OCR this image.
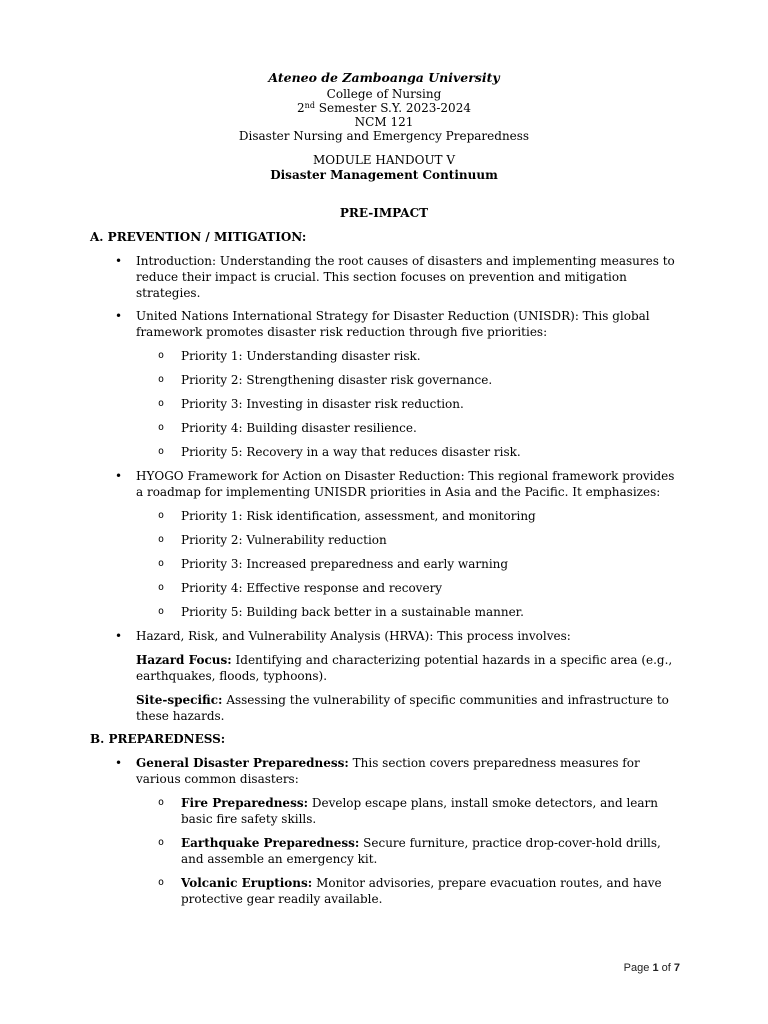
Ateneo de Zamboanga University
College of Nursing
2nd Semester S.Y. 2023-2024
NCM 121
Disaster Nursing and Emergency Preparedness
MODULE HANDOUT V
Disaster Management Continuum
PRE-IMPACT
A. PREVENTION / MITIGATION:
• Introduction: Understanding the root causes of disasters and implementing measures to reduce their impact is crucial. This section focuses on prevention and mitigation strategies.
• United Nations International Strategy for Disaster Reduction (UNISDR): This global framework promotes disaster risk reduction through five priorities:
o Priority 1: Understanding disaster risk.
o Priority 2: Strengthening disaster risk governance.
o Priority 3: Investing in disaster risk reduction.
o Priority 4: Building disaster resilience.
o Priority 5: Recovery in a way that reduces disaster risk.
• HYOGO Framework for Action on Disaster Reduction: This regional framework provides a roadmap for implementing UNISDR priorities in Asia and the Pacific. It emphasizes:
o Priority 1: Risk identification, assessment, and monitoring
o Priority 2: Vulnerability reduction
o Priority 3: Increased preparedness and early warning
o Priority 4: Effective response and recovery
o Priority 5: Building back better in a sustainable manner.
• Hazard, Risk, and Vulnerability Analysis (HRVA): This process involves:
Hazard Focus: Identifying and characterizing potential hazards in a specific area (e.g., earthquakes, floods, typhoons).
Site-specific: Assessing the vulnerability of specific communities and infrastructure to these hazards.
B. PREPAREDNESS:
• General Disaster Preparedness: This section covers preparedness measures for various common disasters:
o Fire Preparedness: Develop escape plans, install smoke detectors, and learn basic fire safety skills.
o Earthquake Preparedness: Secure furniture, practice drop-cover-hold drills, and assemble an emergency kit.
o Volcanic Eruptions: Monitor advisories, prepare evacuation routes, and have protective gear readily available.
Page 1 of 7
